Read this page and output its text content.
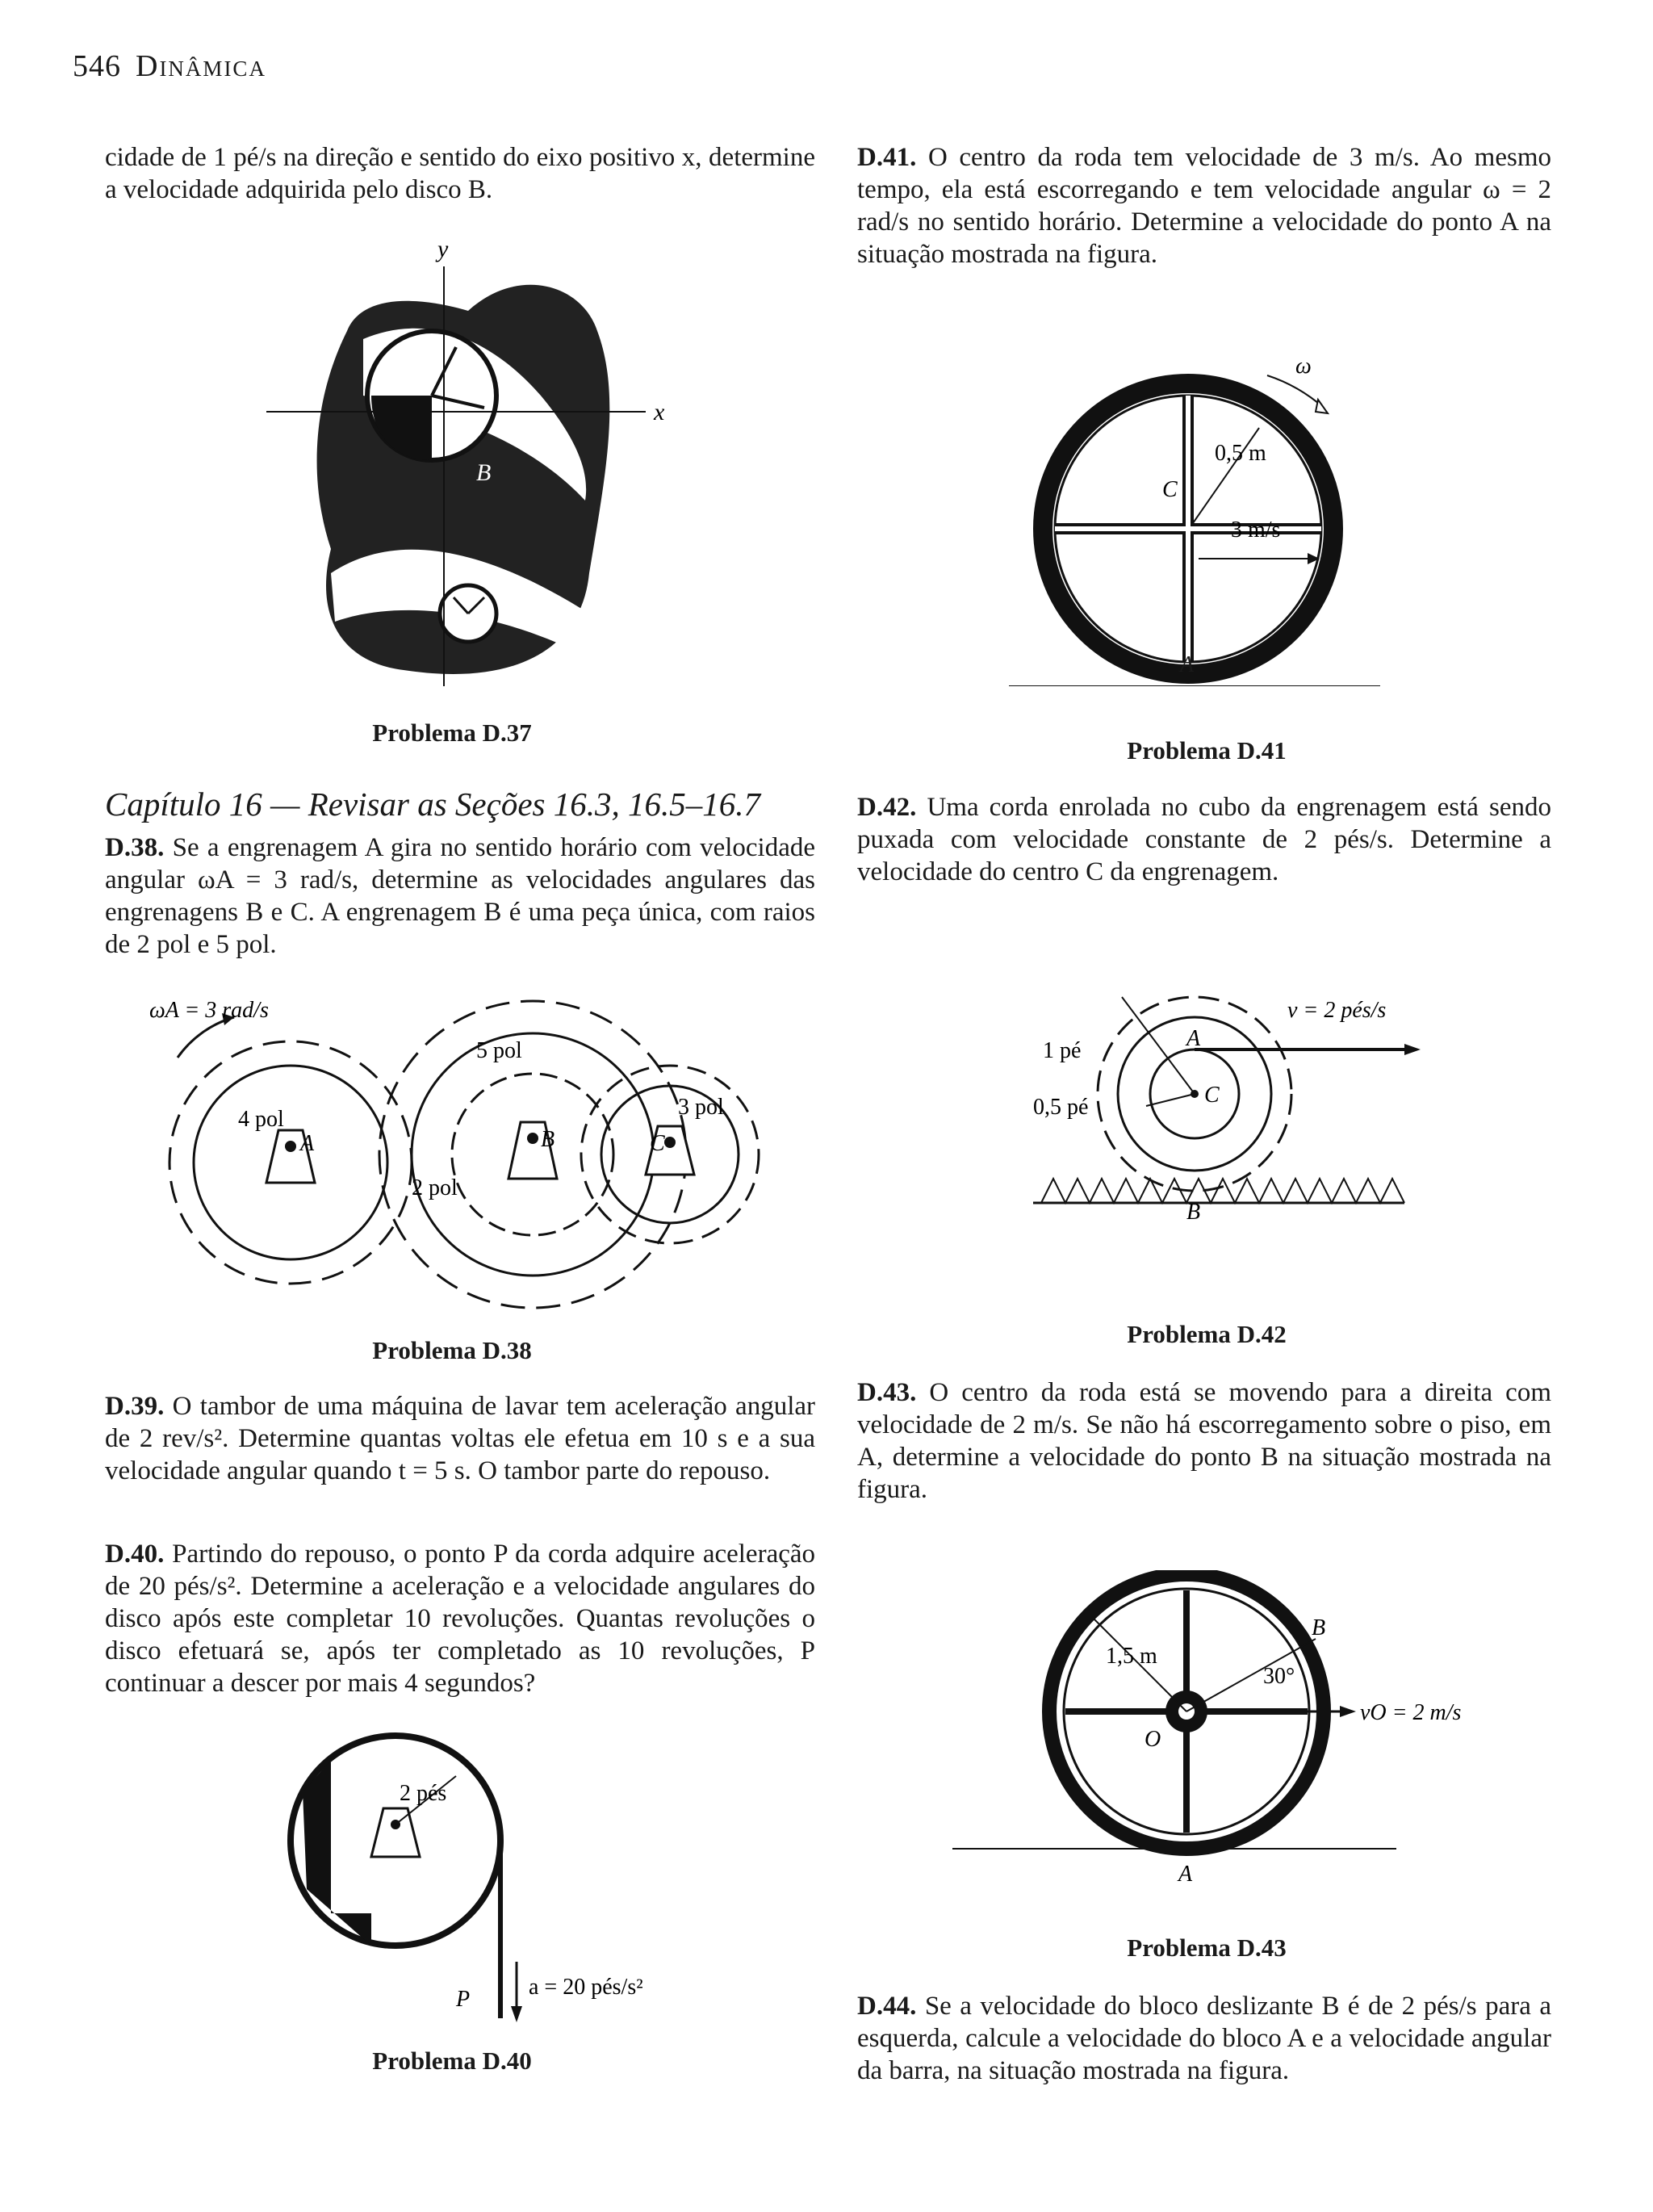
546 Dinâmica
cidade de 1 pé/s na direção e sentido do eixo positivo x, determine a velocidade adquirida pelo disco B.
y
x
B
Problema D.37
Capítulo 16 — Revisar as Seções 16.3, 16.5–16.7
D.38. Se a engrenagem A gira no sentido horário com velocidade angular ωA = 3 rad/s, determine as velocidades angulares das engrenagens B e C. A engrenagem B é uma peça única, com raios de 2 pol e 5 pol.
ωA = 3 rad/s
4 pol
5 pol
2 pol
3 pol
A	B	C
Problema D.38
D.39. O tambor de uma máquina de lavar tem aceleração angular de 2 rev/s². Determine quantas voltas ele efetua em 10 s e a sua velocidade angular quando t = 5 s. O tambor parte do repouso.
D.40. Partindo do repouso, o ponto P da corda adquire aceleração de 20 pés/s². Determine a aceleração e a velocidade angulares do disco após este completar 10 revoluções. Quantas revoluções o disco efetuará se, após ter completado as 10 revoluções, P continuar a descer por mais 4 segundos?
2 pés
a = 20 pés/s²
P
Problema D.40
D.41. O centro da roda tem velocidade de 3 m/s. Ao mesmo tempo, ela está escorregando e tem velocidade angular ω = 2 rad/s no sentido horário. Determine a velocidade do ponto A na situação mostrada na figura.
ω
0,5 m
3 m/s
C
A
Problema D.41
D.42. Uma corda enrolada no cubo da engrenagem está sendo puxada com velocidade constante de 2 pés/s. Determine a velocidade do centro C da engrenagem.
v = 2 pés/s
1 pé
0,5 pé
A
C
B
Problema D.42
D.43. O centro da roda está se movendo para a direita com velocidade de 2 m/s. Se não há escorregamento sobre o piso, em A, determine a velocidade do ponto B na situação mostrada na figura.
1,5 m
30°
vO = 2 m/s
O
B
A
Problema D.43
D.44. Se a velocidade do bloco deslizante B é de 2 pés/s para a esquerda, calcule a velocidade do bloco A e a velocidade angular da barra, na situação mostrada na figura.
